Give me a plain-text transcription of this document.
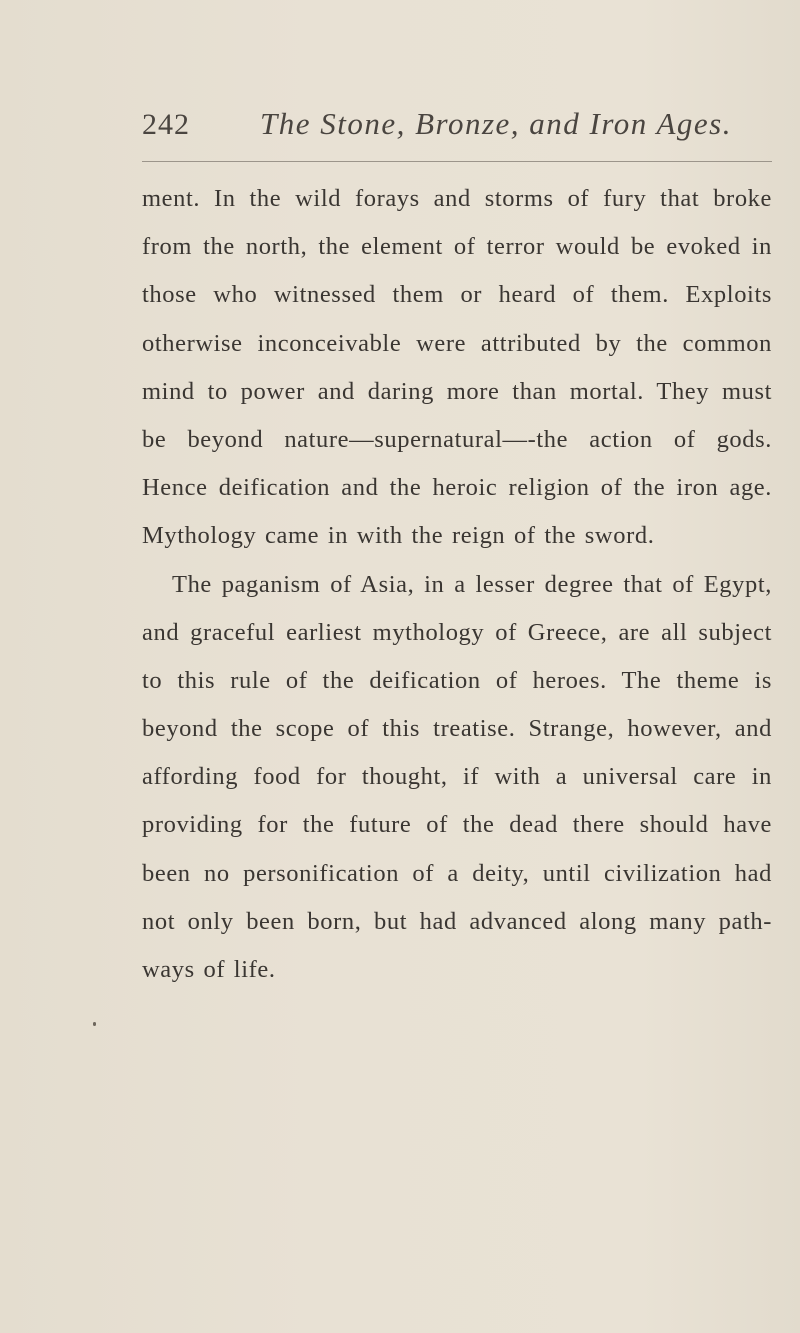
242 The Stone, Bronze, and Iron Ages.
ment. In the wild forays and storms of fury that broke
from the north, the element of terror would be evoked in
those who witnessed them or heard of them. Exploits
otherwise inconceivable were attributed by the common
mind to power and daring more than mortal. They must
be beyond nature—supernatural—-the action of gods.
Hence deification and the heroic religion of the iron age.
Mythology came in with the reign of the sword.
The paganism of Asia, in a lesser degree that of Egypt,
and graceful earliest mythology of Greece, are all subject
to this rule of the deification of heroes. The theme is
beyond the scope of this treatise. Strange, however, and
affording food for thought, if with a universal care in
providing for the future of the dead there should have
been no personification of a deity, until civilization had
not only been born, but had advanced along many path-
ways of life.
